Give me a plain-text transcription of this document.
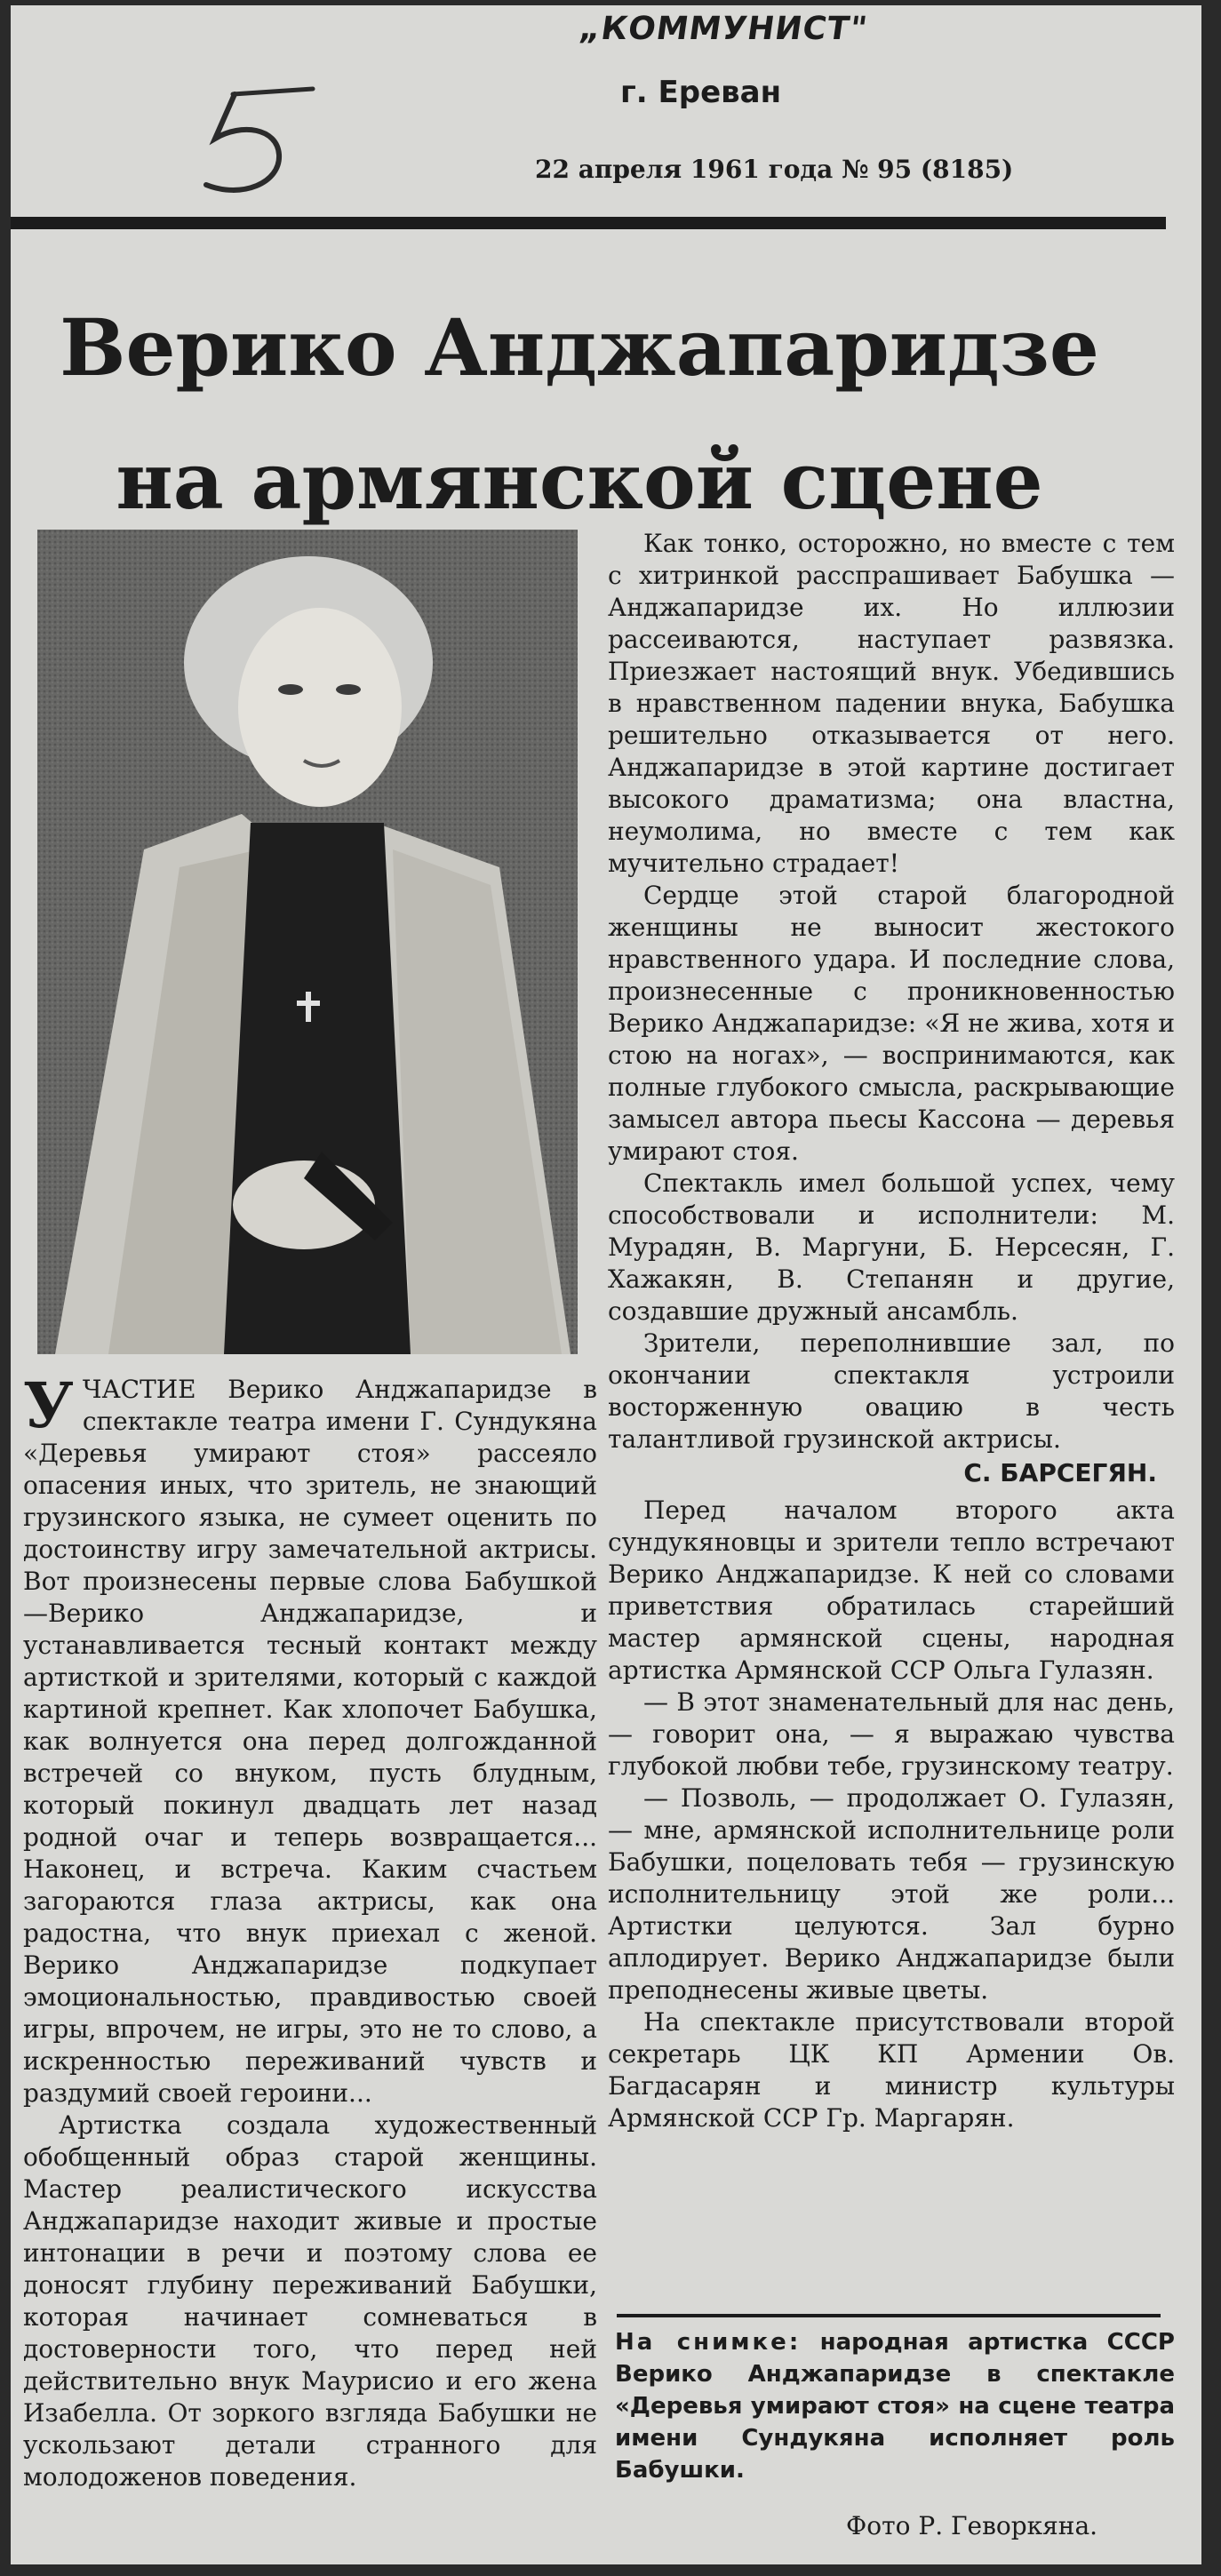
„КОММУНИСТ"
г. Ереван
22 апреля 1961 года № 95 (8185)
Верико Анджапаридзе
на армянской сцене

Как тонко, осторожно, но вместе с тем с хитринкой расспрашивает Бабушка — Анджапаридзе их. Но иллюзии рассеиваются, наступает развязка. Приезжает настоящий внук. Убедившись в нравственном падении внука, Бабушка решительно отказывается от него. Анджапаридзе в этой картине достигает высокого драматизма; она властна, неумолима, но вместе с тем как мучительно страдает!

Сердце этой старой благородной женщины не выносит жестокого нравственного удара. И последние слова, произнесенные с проникновенностью Верико Анджапаридзе: «Я не жива, хотя и стою на ногах», — воспринимаются, как полные глубокого смысла, раскрывающие замысел автора пьесы Кассона — деревья умирают стоя.

Спектакль имел большой успех, чему способствовали и исполнители: М. Мурадян, В. Маргуни, Б. Нерсесян, Г. Хажакян, В. Степанян и другие, создавшие дружный ансамбль.

Зрители, переполнившие зал, по окончании спектакля устроили восторженную овацию в честь талантливой грузинской актрисы.

С. БАРСЕГЯН.

Перед началом второго акта сундукяновцы и зрители тепло встречают Верико Анджапаридзе. К ней со словами приветствия обратилась старейший мастер армянской сцены, народная артистка Армянской ССР Ольга Гулазян.

— В этот знаменательный для нас день, — говорит она, — я выражаю чувства глубокой любви тебе, грузинскому театру.

— Позволь, — продолжает О. Гулазян, — мне, армянской исполнительнице роли Бабушки, поцеловать тебя — грузинскую исполнительницу этой же роли... Артистки целуются. Зал бурно аплодирует. Верико Анджапаридзе были преподнесены живые цветы.

На спектакле присутствовали второй секретарь ЦК КП Армении Ов. Багдасарян и министр культуры Армянской ССР Гр. Маргарян.

У ЧАСТИЕ Верико Анджапаридзе в спектакле театра имени Г. Сундукяна «Деревья умирают стоя» рассеяло опасения иных, что зритель, не знающий грузинского языка, не сумеет оценить по достоинству игру замечательной актрисы. Вот произнесены первые слова Бабушкой—Верико Анджапаридзе, и устанавливается тесный контакт между артисткой и зрителями, который с каждой картиной крепнет. Как хлопочет Бабушка, как волнуется она перед долгожданной встречей со внуком, пусть блудным, который покинул двадцать лет назад родной очаг и теперь возвращается... Наконец, и встреча. Каким счастьем загораются глаза актрисы, как она радостна, что внук приехал с женой. Верико Анджапаридзе подкупает эмоциональностью, правдивостью своей игры, впрочем, не игры, это не то слово, а искренностью переживаний чувств и раздумий своей героини...

Артистка создала художественный обобщенный образ старой женщины. Мастер реалистического искусства Анджапаридзе находит живые и простые интонации в речи и поэтому слова ее доносят глубину переживаний Бабушки, которая начинает сомневаться в достоверности того, что перед ней действительно внук Маурисио и его жена Изабелла. От зоркого взгляда Бабушки не ускользают детали странного для молодоженов поведения.

На снимке: народная артистка СССР Верико Анджапаридзе в спектакле «Деревья умирают стоя» на сцене театра имени Сундукяна исполняет роль Бабушки.
Фото Р. Геворкяна.
